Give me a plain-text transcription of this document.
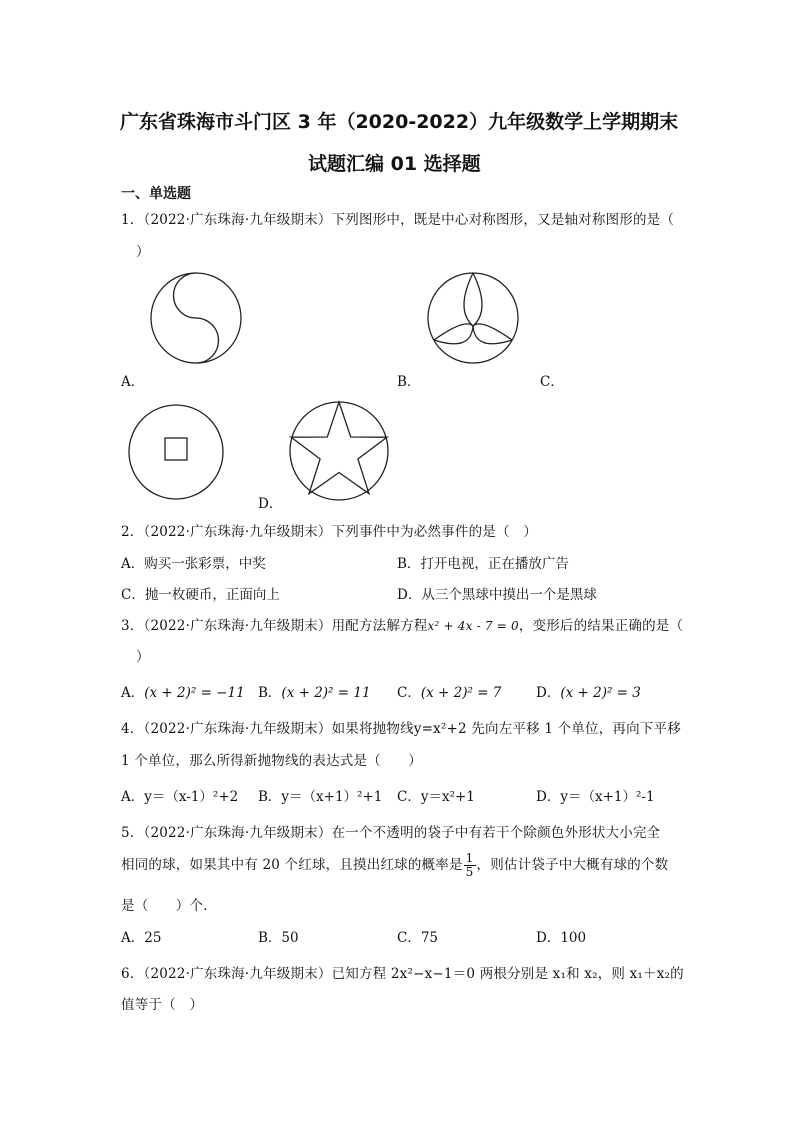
广东省珠海市斗门区 3 年（2020-2022）九年级数学上学期期末
试题汇编 01 选择题
一、单选题
1．（2022·广东珠海·九年级期末）下列图形中，既是中心对称图形，又是轴对称图形的是（
）
A．	B．	C．
D．
2．（2022·广东珠海·九年级期末）下列事件中为必然事件的是（　）
A．购买一张彩票，中奖	B．打开电视，正在播放广告
C．抛一枚硬币，正面向上	D．从三个黑球中摸出一个是黑球
3．（2022·广东珠海·九年级期末）用配方法解方程x² + 4x - 7 = 0，变形后的结果正确的是（
）
A．(x + 2)² = −11 B．(x + 2)² = 11 C．(x + 2)² = 7	D．(x + 2)² = 3
4．（2022·广东珠海·九年级期末）如果将抛物线y=x²+2 先向左平移 1 个单位，再向下平移
1 个单位，那么所得新抛物线的表达式是（　　）
A．y＝（x-1）²+2 B．y＝（x+1）²+1 C．y＝x²+1	D．y＝（x+1）²-1
5．（2022·广东珠海·九年级期末）在一个不透明的袋子中有若干个除颜色外形状大小完全
相同的球，如果其中有 20 个红球，且摸出红球的概率是 $\frac{1}{5}$ ，则估计袋子中大概有球的个数
是（　　）个.
A．25	B．50	C．75	D．100
6．（2022·广东珠海·九年级期末）已知方程 2x²−x−1＝0 两根分别是 x₁和 x₂，则 x₁＋x₂的
值等于（　）
